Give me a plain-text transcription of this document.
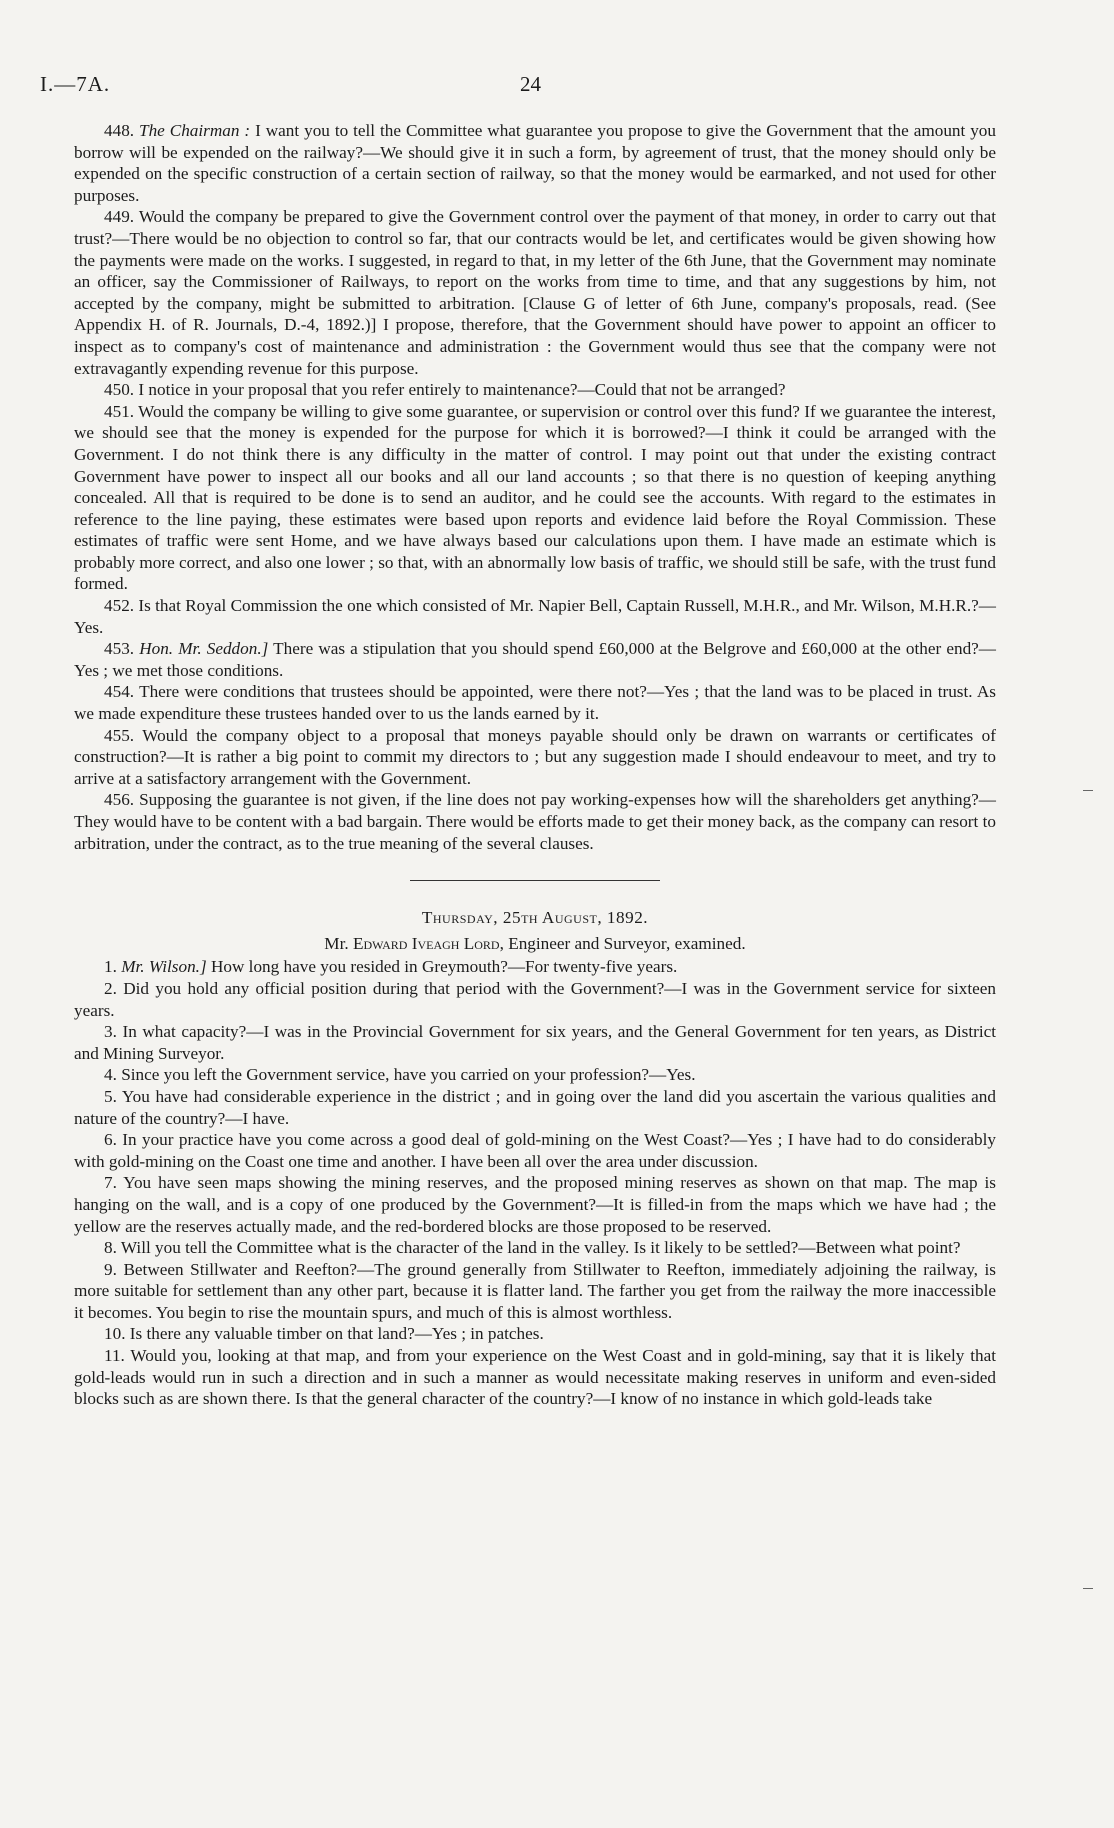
I.—7A.	24

448. The Chairman : I want you to tell the Committee what guarantee you propose to give the Government that the amount you borrow will be expended on the railway?—We should give it in such a form, by agreement of trust, that the money should only be expended on the specific construction of a certain section of railway, so that the money would be earmarked, and not used for other purposes.

449. Would the company be prepared to give the Government control over the payment of that money, in order to carry out that trust?—There would be no objection to control so far, that our contracts would be let, and certificates would be given showing how the payments were made on the works. I suggested, in regard to that, in my letter of the 6th June, that the Government may nominate an officer, say the Commissioner of Railways, to report on the works from time to time, and that any suggestions by him, not accepted by the company, might be submitted to arbitration. [Clause G of letter of 6th June, company's proposals, read. (See Appendix H. of R. Journals, D.-4, 1892.)] I propose, therefore, that the Government should have power to appoint an officer to inspect as to company's cost of maintenance and administration : the Government would thus see that the company were not extravagantly expending revenue for this purpose.

450. I notice in your proposal that you refer entirely to maintenance?—Could that not be arranged?

451. Would the company be willing to give some guarantee, or supervision or control over this fund? If we guarantee the interest, we should see that the money is expended for the purpose for which it is borrowed?—I think it could be arranged with the Government. I do not think there is any difficulty in the matter of control. I may point out that under the existing contract Government have power to inspect all our books and all our land accounts ; so that there is no question of keeping anything concealed. All that is required to be done is to send an auditor, and he could see the accounts. With regard to the estimates in reference to the line paying, these estimates were based upon reports and evidence laid before the Royal Commission. These estimates of traffic were sent Home, and we have always based our calculations upon them. I have made an estimate which is probably more correct, and also one lower ; so that, with an abnormally low basis of traffic, we should still be safe, with the trust fund formed.

452. Is that Royal Commission the one which consisted of Mr. Napier Bell, Captain Russell, M.H.R., and Mr. Wilson, M.H.R.?—Yes.

453. Hon. Mr. Seddon.] There was a stipulation that you should spend £60,000 at the Belgrove and £60,000 at the other end?—Yes ; we met those conditions.

454. There were conditions that trustees should be appointed, were there not?—Yes ; that the land was to be placed in trust. As we made expenditure these trustees handed over to us the lands earned by it.

455. Would the company object to a proposal that moneys payable should only be drawn on warrants or certificates of construction?—It is rather a big point to commit my directors to ; but any suggestion made I should endeavour to meet, and try to arrive at a satisfactory arrangement with the Government.

456. Supposing the guarantee is not given, if the line does not pay working-expenses how will the shareholders get anything?—They would have to be content with a bad bargain. There would be efforts made to get their money back, as the company can resort to arbitration, under the contract, as to the true meaning of the several clauses.

Thursday, 25th August, 1892.
Mr. Edward Iveagh Lord, Engineer and Surveyor, examined.

1. Mr. Wilson.] How long have you resided in Greymouth?—For twenty-five years.

2. Did you hold any official position during that period with the Government?—I was in the Government service for sixteen years.

3. In what capacity?—I was in the Provincial Government for six years, and the General Government for ten years, as District and Mining Surveyor.

4. Since you left the Government service, have you carried on your profession?—Yes.

5. You have had considerable experience in the district ; and in going over the land did you ascertain the various qualities and nature of the country?—I have.

6. In your practice have you come across a good deal of gold-mining on the West Coast?—Yes ; I have had to do considerably with gold-mining on the Coast one time and another. I have been all over the area under discussion.

7. You have seen maps showing the mining reserves, and the proposed mining reserves as shown on that map. The map is hanging on the wall, and is a copy of one produced by the Government?—It is filled-in from the maps which we have had ; the yellow are the reserves actually made, and the red-bordered blocks are those proposed to be reserved.

8. Will you tell the Committee what is the character of the land in the valley. Is it likely to be settled?—Between what point?

9. Between Stillwater and Reefton?—The ground generally from Stillwater to Reefton, immediately adjoining the railway, is more suitable for settlement than any other part, because it is flatter land. The farther you get from the railway the more inaccessible it becomes. You begin to rise the mountain spurs, and much of this is almost worthless.

10. Is there any valuable timber on that land?—Yes ; in patches.

11. Would you, looking at that map, and from your experience on the West Coast and in gold-mining, say that it is likely that gold-leads would run in such a direction and in such a manner as would necessitate making reserves in uniform and even-sided blocks such as are shown there. Is that the general character of the country?—I know of no instance in which gold-leads take
